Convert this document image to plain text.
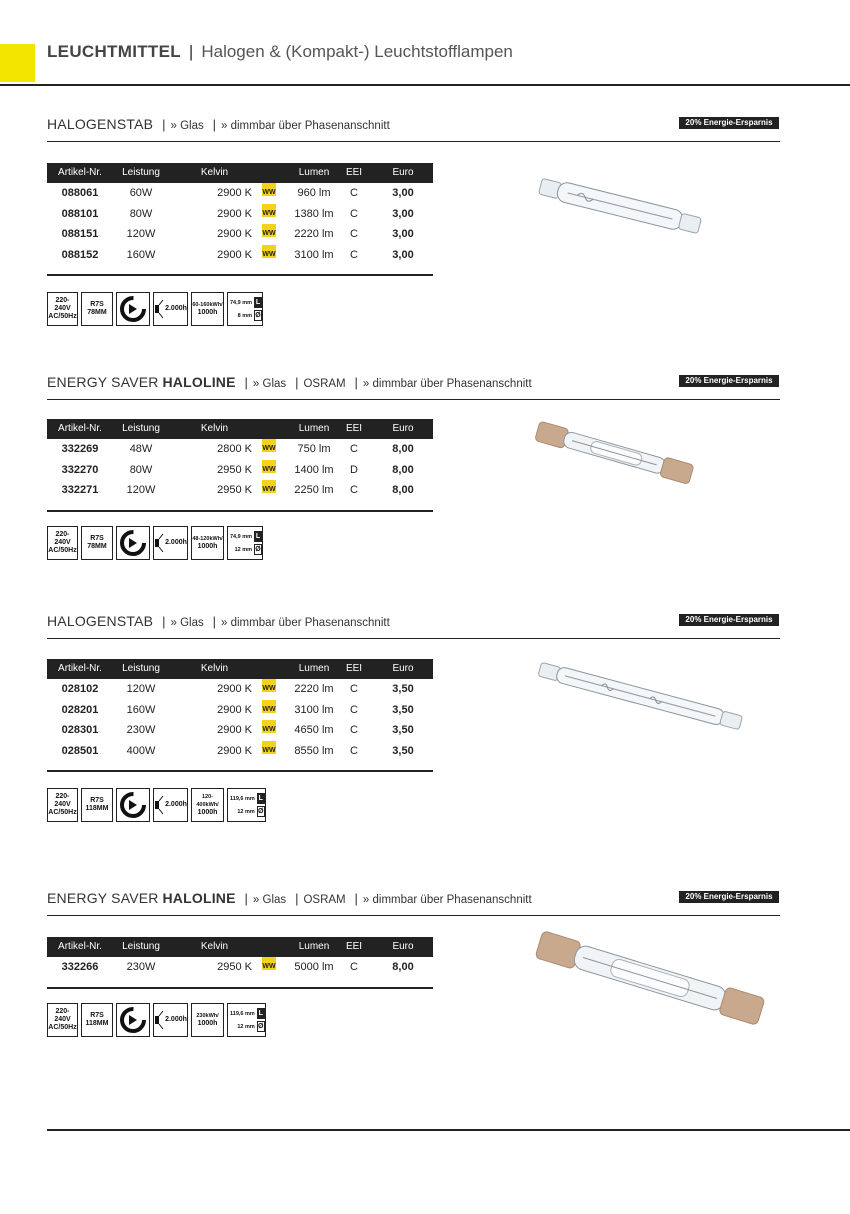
LEUCHTMITTEL | Halogen & (Kompakt-) Leuchtstofflampen
HALOGENSTAB | » Glas | » dimmbar über Phasenanschnitt	20% Energie-Ersparnis
Artikel-Nr.	Leistung	Kelvin	Lumen	EEI	Euro
088061	60W	2900 K WW	960 lm	C	3,00
088101	80W	2900 K WW	1380 lm	C	3,00
088151	120W	2900 K WW	2220 lm	C	3,00
088152	160W	2900 K WW	3100 lm	C	3,00
220-240V
AC/50Hz
R7S
78MM
2.000h 60-160kWh/
1000h
74,9 mm
8 mm
L
Ø
ENERGY SAVER HALOLINE | » Glas | OSRAM | » dimmbar über Phasenanschnitt	20% Energie-Ersparnis
Artikel-Nr.	Leistung	Kelvin	Lumen	EEI	Euro
332269	48W	2800 K WW	750 lm	C	8,00
332270	80W	2950 K WW	1400 lm	D	8,00
332271	120W	2950 K WW	2250 lm	C	8,00
220-240V
AC/50Hz
R7S
78MM
2.000h 48-120kWh/
1000h
74,9 mm
12 mm
L
Ø
HALOGENSTAB | » Glas | » dimmbar über Phasenanschnitt	20% Energie-Ersparnis
Artikel-Nr.	Leistung	Kelvin	Lumen	EEI	Euro
028102	120W	2900 K WW	2220 lm	C	3,50
028201	160W	2900 K WW	3100 lm	C	3,50
028301	230W	2900 K WW	4650 lm	C	3,50
028501	400W	2900 K WW	8550 lm	C	3,50
220-240V
AC/50Hz
R7S
118MM
2.000h
120-400kWh/
1000h
119,6 mm
12 mm
L
Ø
ENERGY SAVER HALOLINE | » Glas | OSRAM | » dimmbar über Phasenanschnitt	20% Energie-Ersparnis
Artikel-Nr.	Leistung	Kelvin	Lumen	EEI	Euro
332266	230W	2950 K WW	5000 lm	C	8,00
220-240V
AC/50Hz
R7S
118MM
2.000h 230kWh/
1000h
119,6 mm
12 mm
L
Ø
